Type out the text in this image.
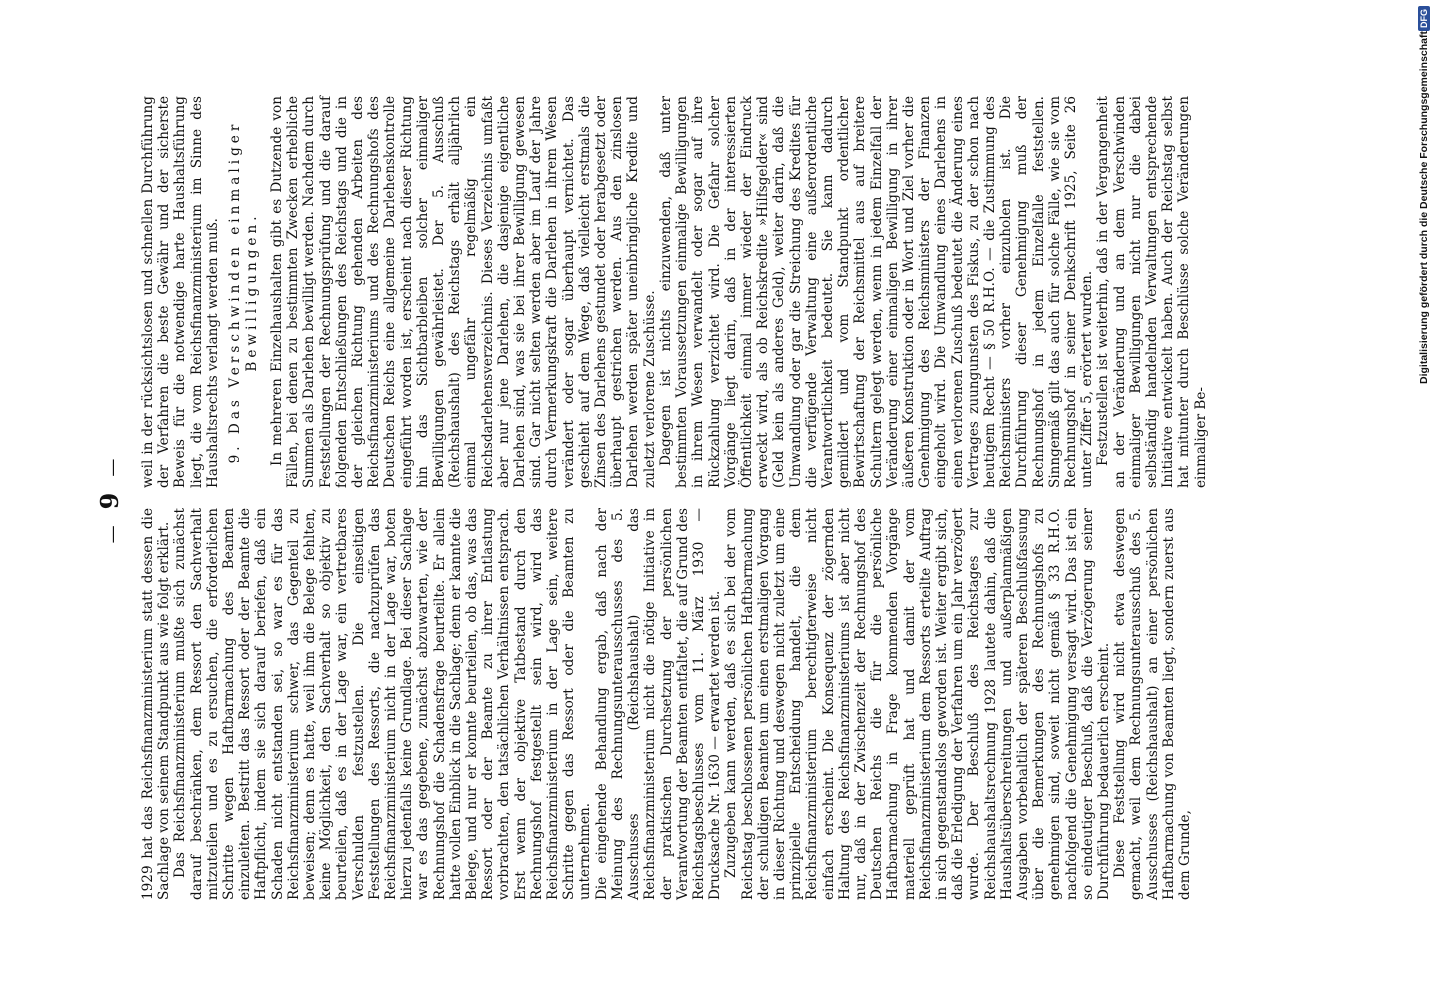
—9—

1929 hat das Reichsfinanzministerium statt dessen die Sachlage von seinem Standpunkt aus wie folgt erklärt. Das Reichsfinanzministerium mußte sich zunächst darauf beschränken, dem Ressort den Sachverhalt mitzuteilen und es zu ersuchen, die erforderlichen Schritte wegen Haftbarmachung des Beamten einzuleiten. Bestritt das Ressort oder der Beamte die Haftpflicht, indem sie sich darauf beriefen, daß ein Schaden nicht entstanden sei, so war es für das Reichsfinanzministerium schwer, das Gegenteil zu beweisen; denn es hatte, weil ihm die Belege fehlten, keine Möglichkeit, den Sachverhalt so objektiv zu beurteilen, daß es in der Lage war, ein vertretbares Verschulden festzustellen. Die einseitigen Feststellungen des Ressorts, die nachzuprüfen das Reichsfinanzministerium nicht in der Lage war, boten hierzu jedenfalls keine Grundlage. Bei dieser Sachlage war es das gegebene, zunächst abzuwarten, wie der Rechnungshof die Schadensfrage beurteilte. Er allein hatte vollen Einblick in die Sachlage; denn er kannte die Belege, und nur er konnte beurteilen, ob das, was das Ressort oder der Beamte zu ihrer Entlastung vorbrachten, den tatsächlichen Verhältnissen entsprach. Erst wenn der objektive Tatbestand durch den Rechnungshof festgestellt sein wird, wird das Reichsfinanzministerium in der Lage sein, weitere Schritte gegen das Ressort oder die Beamten zu unternehmen. Die eingehende Behandlung ergab, daß nach der Meinung des Rechnungsunterausschusses des 5. Ausschusses (Reichshaushalt) das Reichsfinanzministerium nicht die nötige Initiative in der praktischen Durchsetzung der persönlichen Verantwortung der Beamten entfaltet, die auf Grund des Reichstagsbeschlusses vom 11. März 1930 — Drucksache Nr. 1630 — erwartet werden ist. Zuzugeben kann werden, daß es sich bei der vom Reichstag beschlossenen persönlichen Haftbarmachung der schuldigen Beamten um einen erstmaligen Vorgang in dieser Richtung und deswegen nicht zuletzt um eine prinzipielle Entscheidung handelt, die dem Reichsfinanzministerium berechtigterweise nicht einfach erscheint. Die Konsequenz der zögernden Haltung des Reichsfinanzministeriums ist aber nicht nur, daß in der Zwischenzeit der Rechnungshof des Deutschen Reichs die für die persönliche Haftbarmachung in Frage kommenden Vorgänge materiell geprüft hat und damit der vom Reichsfinanzministerium dem Ressorts erteilte Auftrag in sich gegenstandslos geworden ist. Weiter ergibt sich, daß die Erledigung der Verfahren um ein Jahr verzögert wurde. Der Beschluß des Reichstages zur Reichshaushaltsrechnung 1928 lautete dahin, daß die Haushaltsüberschreitungen und außerplanmäßigen Ausgaben vorbehaltlich der späteren Beschlußfassung über die Bemerkungen des Rechnungshofs zu genehmigen sind, soweit nicht gemäß § 33 R.H.O. nachfolgend die Genehmigung versagt wird. Das ist ein so eindeutiger Beschluß, daß die Verzögerung seiner Durchführung bedauerlich erscheint. Diese Feststellung wird nicht etwa deswegen gemacht, weil dem Rechnungsunterausschuß des 5. Ausschusses (Reichshaushalt) an einer persönlichen Haftbarmachung von Beamten liegt, sondern zuerst aus dem Grunde,

weil in der rücksichtslosen und schnellen Durchführung der Verfahren die beste Gewähr und der sicherste Beweis für die notwendige harte Haushaltsführung liegt, die vom Reichsfinanzministerium im Sinne des Haushaltsrechts verlangt werden muß. 9. Das Verschwinden einmaliger Bewilligungen. In mehreren Einzelhaushalten gibt es Dutzende von Fällen, bei denen zu bestimmten Zwecken erhebliche Summen als Darlehen bewilligt werden. Nachdem durch Feststellungen der Rechnungsprüfung und die darauf folgenden Entschließungen des Reichstags und die in der gleichen Richtung gehenden Arbeiten des Reichsfinanzministeriums und des Rechnungshofs des Deutschen Reichs eine allgemeine Darlehenskontrolle eingeführt worden ist, erscheint nach dieser Richtung hin das Sichtbarbleiben solcher einmaliger Bewilligungen gewährleistet. Der 5. Ausschuß (Reichshaushalt) des Reichstags erhält alljährlich einmal ungefähr regelmäßig ein Reichsdarlehensverzeichnis. Dieses Verzeichnis umfaßt aber nur jene Darlehen, die dasjenige eigentliche Darlehen sind, was sie bei ihrer Bewilligung gewesen sind. Gar nicht selten werden aber im Lauf der Jahre durch Vermerkungskraft die Darlehen in ihrem Wesen verändert oder sogar überhaupt vernichtet. Das geschieht auf dem Wege, daß vielleicht erstmals die Zinsen des Darlehens gestundet oder herabgesetzt oder überhaupt gestrichen werden. Aus den zinslosen Darlehen werden später uneinbringliche Kredite und zuletzt verlorene Zuschüsse. Dagegen ist nichts einzuwenden, daß unter bestimmten Voraussetzungen einmalige Bewilligungen in ihrem Wesen verwandelt oder sogar auf ihre Rückzahlung verzichtet wird. Die Gefahr solcher Vorgänge liegt darin, daß in der interessierten Öffentlichkeit einmal immer wieder der Eindruck erweckt wird, als ob Reichskredite »Hilfsgelder« sind (Geld kein als anderes Geld), weiter darin, daß die Umwandlung oder gar die Streichung des Kredites für die verfügende Verwaltung eine außerordentliche Verantwortlichkeit bedeutet. Sie kann dadurch gemildert und vom Standpunkt ordentlicher Bewirtschaftung der Reichsmittel aus auf breitere Schultern gelegt werden, wenn in jedem Einzelfall der Veränderung einer einmaligen Bewilligung in ihrer äußeren Konstruktion oder in Wort und Ziel vorher die Genehmigung des Reichsministers der Finanzen eingeholt wird. Die Umwandlung eines Darlehens in einen verlorenen Zuschuß bedeutet die Änderung eines Vertrages zuungunsten des Fiskus, zu der schon nach heutigem Recht — § 50 R.H.O. — die Zustimmung des Reichsministers vorher einzuholen ist. Die Durchführung dieser Genehmigung muß der Rechnungshof in jedem Einzelfalle feststellen. Sinngemäß gilt das auch für solche Fälle, wie sie vom Rechnungshof in seiner Denkschrift 1925, Seite 26 unter Ziffer 5, erörtert wurden. Festzustellen ist weiterhin, daß in der Vergangenheit an der Veränderung und an dem Verschwinden einmaliger Bewilligungen nicht nur die dabei selbständig handelnden Verwaltungen entsprechende Initiative entwickelt haben. Auch der Reichstag selbst hat mitunter durch Beschlüsse solche Veränderungen einmaliger Be-

DFG
Digitalisierung gefördert durch die Deutsche Forschungsgemeinschaft
